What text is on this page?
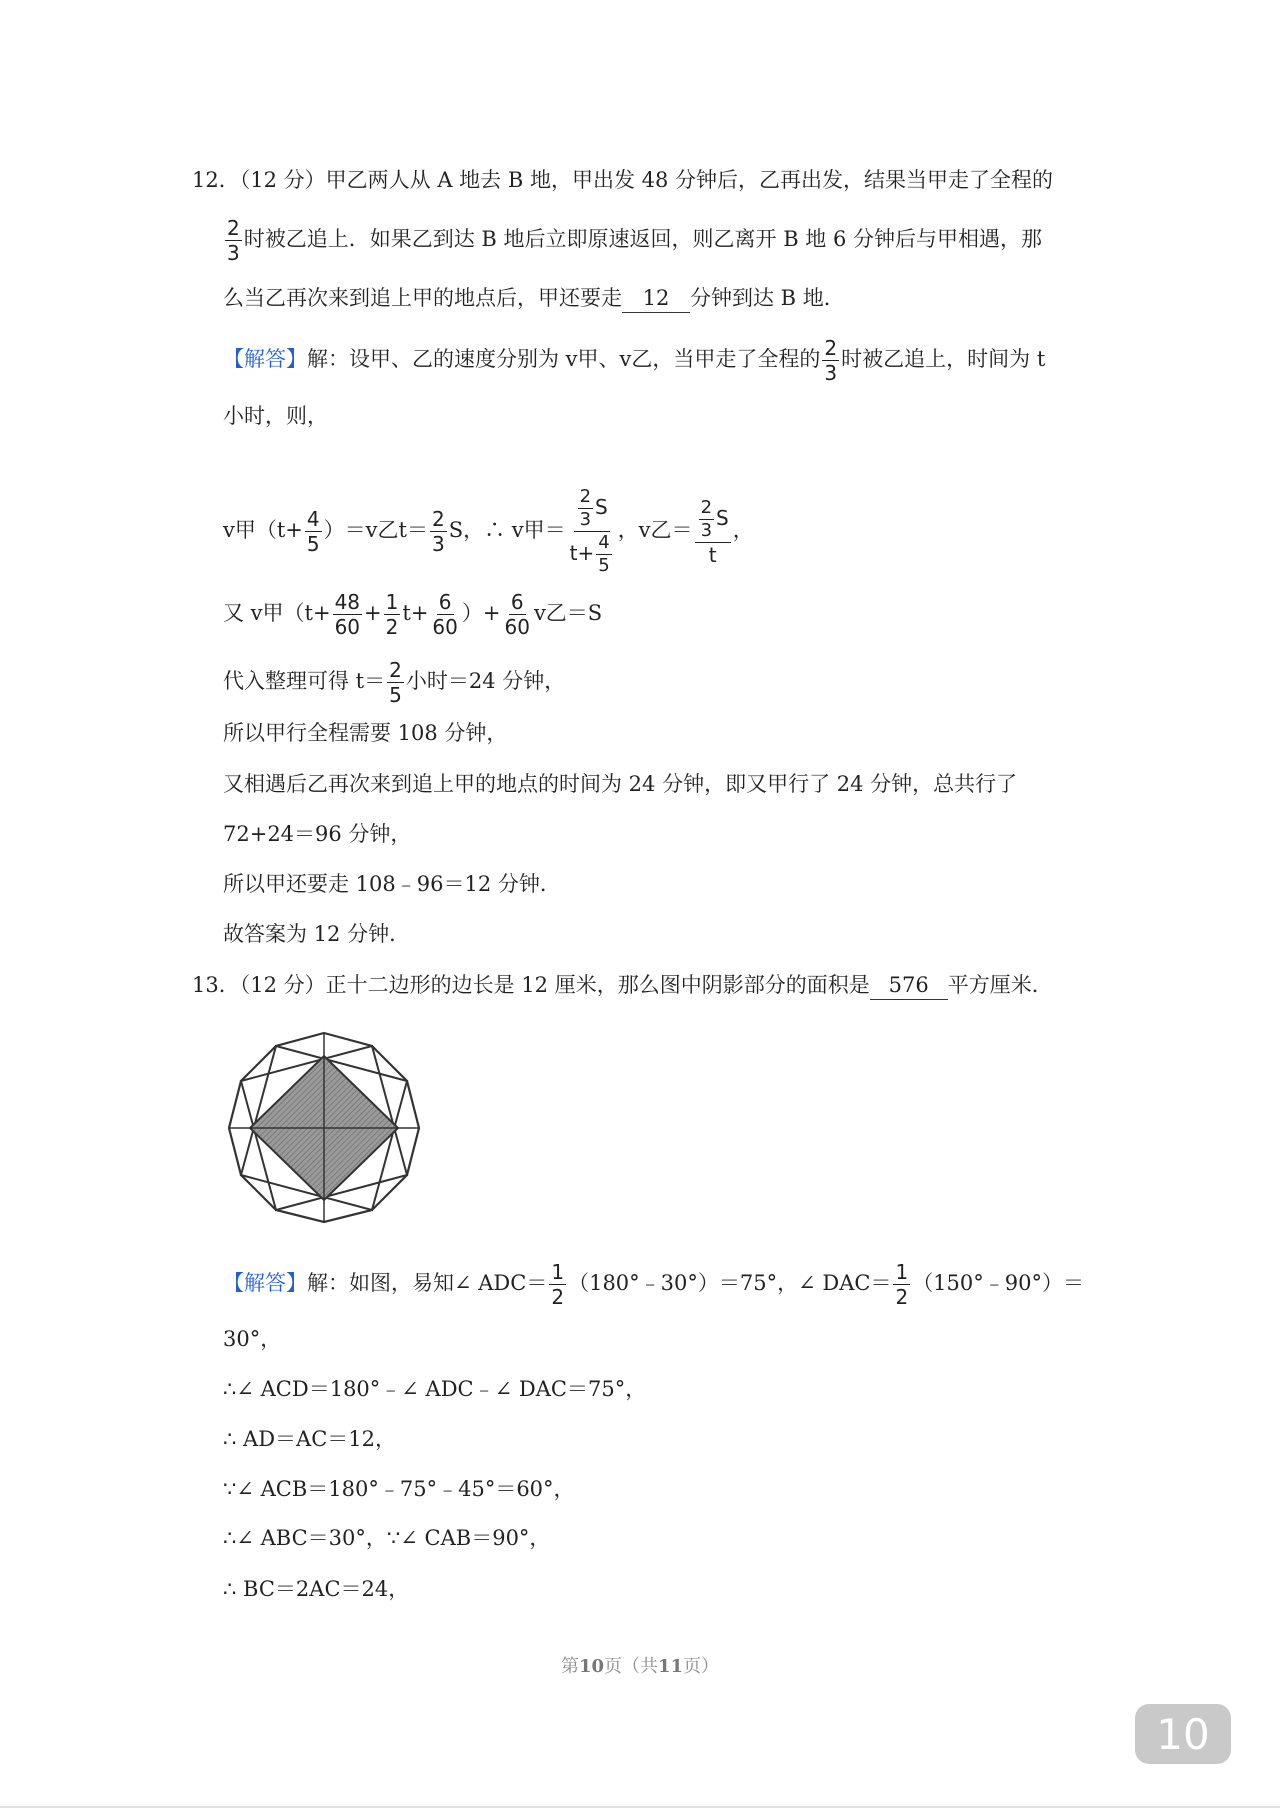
12．（12 分）甲乙两人从 A 地去 B 地，甲出发 48 分钟后，乙再出发，结果当甲走了全程的
$\frac{2}{3}$ 时被乙追上．如果乙到达 B 地后立即原速返回，则乙离开 B 地 6 分钟后与甲相遇，那
么当乙再次来到追上甲的地点后，甲还要走 12 分钟到达 B 地．
【解答】解：设甲、乙的速度分别为 v甲、v乙，当甲走了全程的 $\frac{2}{3}$ 时被乙追上，时间为 t
小时，则，
v甲$(t+ \frac{4}{5} )=v$乙$t= \frac{2}{3}$ S，∴ v甲＝ $\frac{\frac{2}{3} S}{t+ \frac{4}{5}}$ ，v乙＝ $\frac{\frac{2}{3} S}{t}$ ，
又 v甲（$t+ \frac{48}{60} + \frac{1}{2} t+ \frac{6}{60}$ ）+ $\frac{6}{60}$ v乙＝S
代入整理可得 $t= \frac{2}{5}$ 小时＝24 分钟，
所以甲行全程需要 108 分钟，
又相遇后乙再次来到追上甲的地点的时间为 24 分钟，即又甲行了 24 分钟，总共行了
72+24＝96 分钟，
所以甲还要走 108﹣96＝12 分钟．
故答案为 12 分钟．
13．（12 分）正十二边形的边长是 12 厘米，那么图中阴影部分的面积是 576 平方厘米．
【解答】解：如图，易知∠ $ADC= \frac{1}{2}$ （180°﹣30°）＝75°，∠ $DAC= \frac{1}{2}$ （150°﹣90°）＝
30°，
∴∠ ACD＝180°﹣∠ ADC﹣∠ DAC＝75°，
∴ AD＝AC＝12，
∵∠ ACB＝180°﹣75°﹣45°＝60°，
∴∠ ABC＝30°，∵∠ CAB＝90°，
∴ BC＝2AC＝24，
第10页（共11页）
10
